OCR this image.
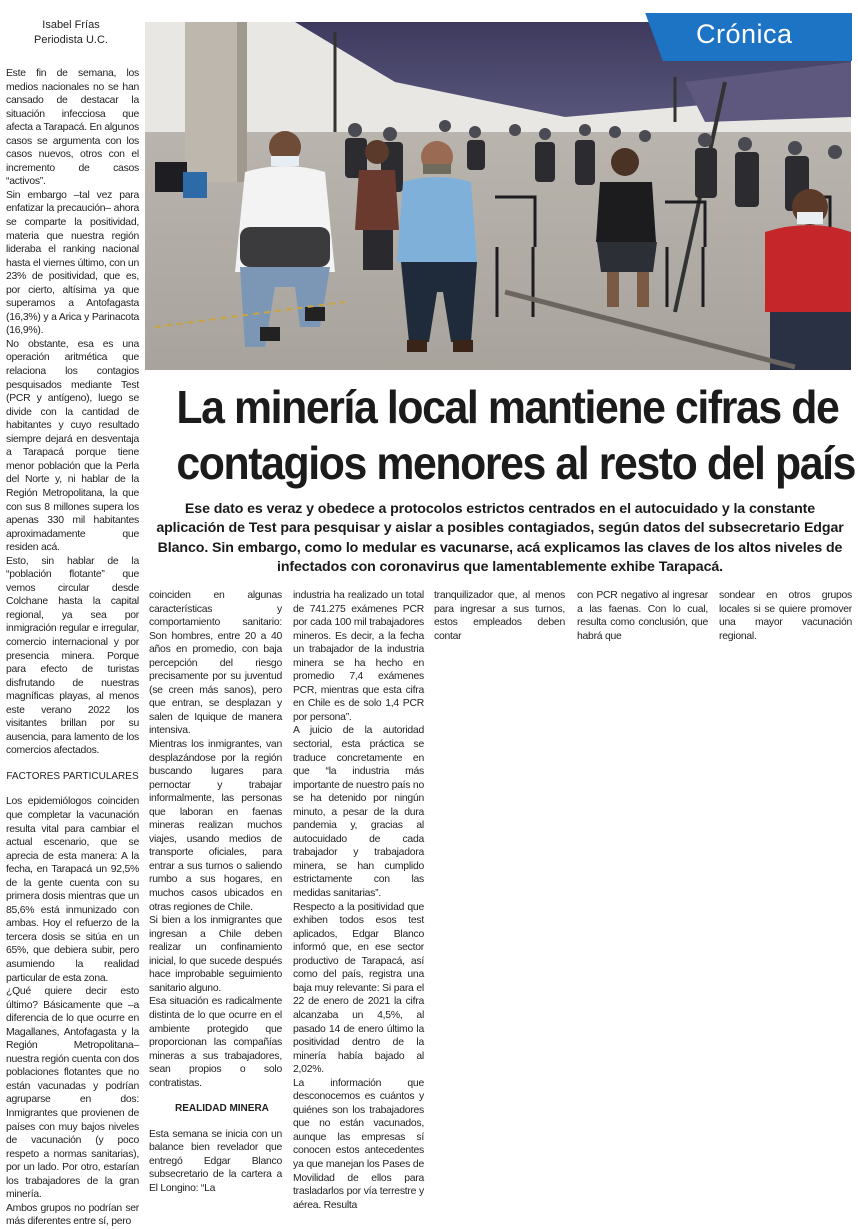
Isabel Frías
Periodista U.C.	Crónica
La minería local mantiene cifras de
contagios menores al resto del país
Ese dato es veraz y obedece a protocolos estrictos centrados en el autocuidado y la constante aplicación de Test para pesquisar y aislar a posibles contagiados, según datos del subsecretario Edgar Blanco. Sin embargo, como lo medular es vacunarse, acá explicamos las claves de los altos niveles de infectados con coronavirus que lamentablemente exhibe Tarapacá.

Este fin de semana, los medios nacionales no se han cansado de destacar la situación infecciosa que afecta a Tarapacá. En algunos casos se argumenta con los casos nuevos, otros con el incremento de casos “activos”.

Sin embargo –tal vez para enfatizar la precaución– ahora se comparte la positividad, materia que nuestra región lideraba el ranking nacional hasta el viernes último, con un 23% de positividad, que es, por cierto, altísima ya que superamos a Antofagasta (16,3%) y a Arica y Parinacota (16,9%).

No obstante, esa es una operación aritmética que relaciona los contagios pesquisados mediante Test (PCR y antígeno), luego se divide con la cantidad de habitantes y cuyo resultado siempre dejará en desventaja a Tarapacá porque tiene menor población que la Perla del Norte y, ni hablar de la Región Metropolitana, la que con sus 8 millones supera los apenas 330 mil habitantes aproximadamente que residen acá.

Esto, sin hablar de la “población flotante” que vemos circular desde Colchane hasta la capital regional, ya sea por inmigración regular e irregular, comercio internacional y por presencia minera. Porque para efecto de turistas disfrutando de nuestras magníficas playas, al menos este verano 2022 los visitantes brillan por su ausencia, para lamento de los comercios afectados.

FACTORES PARTICULARES

Los epidemiólogos coinciden que completar la vacunación resulta vital para cambiar el actual escenario, que se aprecia de esta manera: A la fecha, en Tarapacá un 92,5% de la gente cuenta con su primera dosis mientras que un 85,6% está inmunizado con ambas. Hoy el refuerzo de la tercera dosis se sitúa en un 65%, que debiera subir, pero asumiendo la realidad particular de esta zona.

¿Qué quiere decir esto último? Básicamente que –a diferencia de lo que ocurre en Magallanes, Antofagasta y la Región Metropolitana– nuestra región cuenta con dos poblaciones flotantes que no están vacunadas y podrían agruparse en dos: Inmigrantes que provienen de países con muy bajos niveles de vacunación (y poco respeto a normas sanitarias), por un lado. Por otro, estarían los trabajadores de la gran minería.

Ambos grupos no podrían ser más diferentes entre sí, pero

coinciden en algunas características y comportamiento sanitario: Son hombres, entre 20 a 40 años en promedio, con baja percepción del riesgo precisamente por su juventud (se creen más sanos), pero que entran, se desplazan y salen de Iquique de manera intensiva.

Mientras los inmigrantes, van desplazándose por la región buscando lugares para pernoctar y trabajar informalmente, las personas que laboran en faenas mineras realizan muchos viajes, usando medios de transporte oficiales, para entrar a sus turnos o saliendo rumbo a sus hogares, en muchos casos ubicados en otras regiones de Chile.

Si bien a los inmigrantes que ingresan a Chile deben realizar un confinamiento inicial, lo que sucede después hace improbable seguimiento sanitario alguno.

Esa situación es radicalmente distinta de lo que ocurre en el ambiente protegido que proporcionan las compañías mineras a sus trabajadores, sean propios o solo contratistas.

REALIDAD MINERA

Esta semana se inicia con un balance bien revelador que entregó Edgar Blanco subsecretario de la cartera a El Longino: “La

industria ha realizado un total de 741.275 exámenes PCR por cada 100 mil trabajadores mineros. Es decir, a la fecha un trabajador de la industria minera se ha hecho en promedio 7,4 exámenes PCR, mientras que esta cifra en Chile es de solo 1,4 PCR por persona”.

A juicio de la autoridad sectorial, esta práctica se traduce concretamente en que “la industria más importante de nuestro país no se ha detenido por ningún minuto, a pesar de la dura pandemia y, gracias al autocuidado de cada trabajador y trabajadora minera, se han cumplido estrictamente con las medidas sanitarias”.

Respecto a la positividad que exhiben todos esos test aplicados, Edgar Blanco informó que, en ese sector productivo de Tarapacá, así como del país, registra una baja muy relevante: Si para el 22 de enero de 2021 la cifra alcanzaba un 4,5%, al pasado 14 de enero último la positividad dentro de la minería había bajado al 2,02%.

La información que desconocemos es cuántos y quiénes son los trabajadores que no están vacunados, aunque las empresas sí conocen estos antecedentes ya que manejan los Pases de Movilidad de ellos para trasladarlos por vía terrestre y aérea. Resulta

tranquilizador que, al menos para ingresar a sus turnos, estos empleados deben contar

con PCR negativo al ingresar a las faenas. Con lo cual, resulta como conclusión, que habrá que

sondear en otros grupos locales si se quiere promover una mayor vacunación regional.
